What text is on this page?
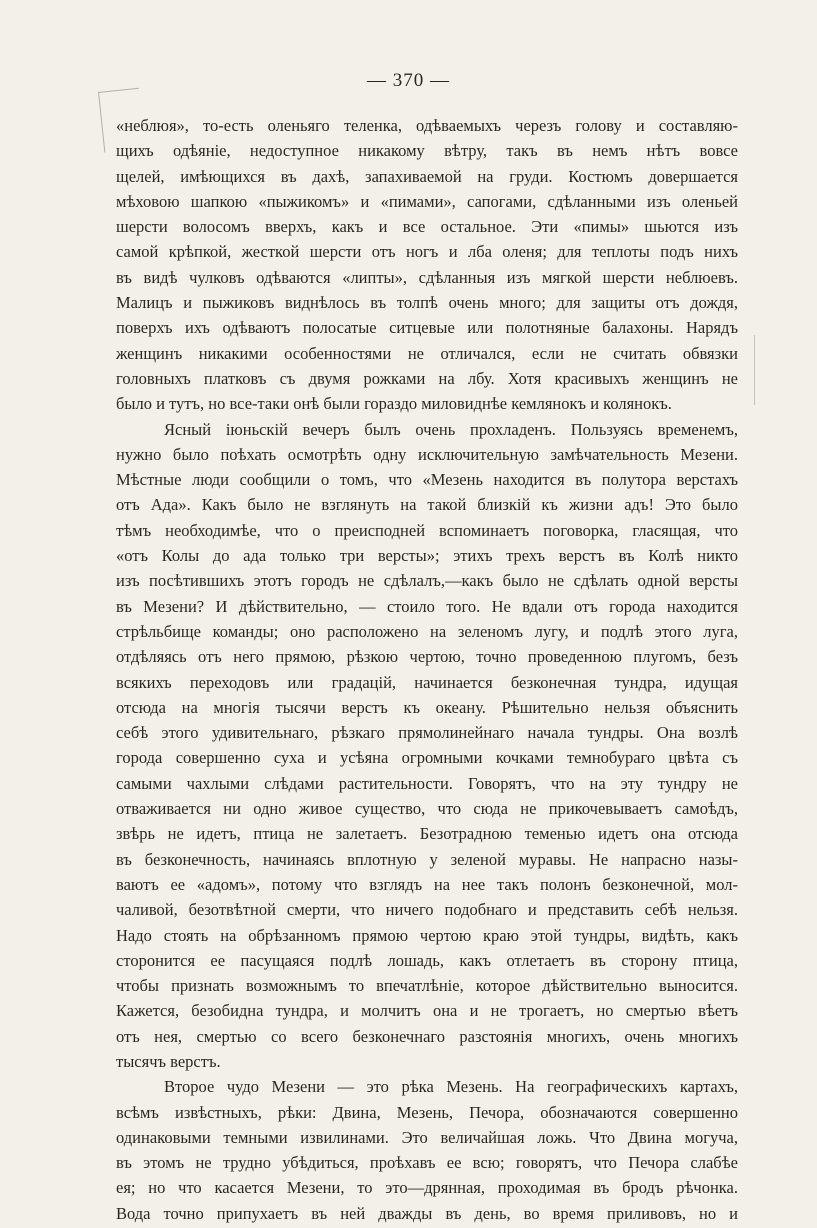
— 370 —
«неблюя», то-есть оленьяго теленка, одѣваемыхъ черезъ голову и составляю-
щихъ одѣяніе, недоступное никакому вѣтру, такъ въ немъ нѣтъ вовсе
щелей, имѣющихся въ дахѣ, запахиваемой на груди. Костюмъ довершается
мѣховою шапкою «пыжикомъ» и «пимами», сапогами, сдѣланными изъ оленьей
шерсти волосомъ вверхъ, какъ и все остальное. Эти «пимы» шьются изъ
самой крѣпкой, жесткой шерсти отъ ногъ и лба оленя; для теплоты подъ нихъ
въ видѣ чулковъ одѣваются «липты», сдѣланныя изъ мягкой шерсти неблюевъ.
Малицъ и пыжиковъ виднѣлось въ толпѣ очень много; для защиты отъ дождя,
поверхъ ихъ одѣваютъ полосатые ситцевые или полотняные балахоны. Нарядъ
женщинъ никакими особенностями не отличался, если не считать обвязки
головныхъ платковъ съ двумя рожками на лбу. Хотя красивыхъ женщинъ не
было и тутъ, но все-таки онѣ были гораздо миловиднѣе кемлянокъ и колянокъ.
Ясный іюньскій вечеръ былъ очень прохладенъ. Пользуясь временемъ,
нужно было поѣхать осмотрѣть одну исключительную замѣчательность Мезени.
Мѣстные люди сообщили о томъ, что «Мезень находится въ полутора верстахъ
отъ Ада». Какъ было не взглянуть на такой близкій къ жизни адъ! Это было
тѣмъ необходимѣе, что о преисподней вспоминаетъ поговорка, гласящая, что
«отъ Колы до ада только три версты»; этихъ трехъ верстъ въ Колѣ никто
изъ посѣтившихъ этотъ городъ не сдѣлалъ,—какъ было не сдѣлать одной версты
въ Мезени? И дѣйствительно, — стоило того. Не вдали отъ города находится
стрѣльбище команды; оно расположено на зеленомъ лугу, и подлѣ этого луга,
отдѣляясь отъ него прямою, рѣзкою чертою, точно проведенною плугомъ, безъ
всякихъ переходовъ или градацій, начинается безконечная тундра, идущая
отсюда на многія тысячи верстъ къ океану. Рѣшительно нельзя объяснить
себѣ этого удивительнаго, рѣзкаго прямолинейнаго начала тундры. Она возлѣ
города совершенно суха и усѣяна огромными кочками темнобураго цвѣта съ
самыми чахлыми слѣдами растительности. Говорятъ, что на эту тундру не
отваживается ни одно живое существо, что сюда не прикочевываетъ самоѣдъ,
звѣрь не идетъ, птица не залетаетъ. Безотрадною теменью идетъ она отсюда
въ безконечность, начинаясь вплотную у зеленой муравы. Не напрасно назы-
ваютъ ее «адомъ», потому что взглядъ на нее такъ полонъ безконечной, мол-
чаливой, безотвѣтной смерти, что ничего подобнаго и представить себѣ нельзя.
Надо стоять на обрѣзанномъ прямою чертою краю этой тундры, видѣть, какъ
сторонится ее пасущаяся подлѣ лошадь, какъ отлетаетъ въ сторону птица,
чтобы признать возможнымъ то впечатлѣніе, которое дѣйствительно выносится.
Кажется, безобидна тундра, и молчитъ она и не трогаетъ, но смертью вѣетъ
отъ нея, смертью со всего безконечнаго разстоянія многихъ, очень многихъ
тысячъ верстъ.
Второе чудо Мезени — это рѣка Мезень. На географическихъ картахъ,
всѣмъ извѣстныхъ, рѣки: Двина, Мезень, Печора, обозначаются совершенно
одинаковыми темными извилинами. Это величайшая ложь. Что Двина могуча,
въ этомъ не трудно убѣдиться, проѣхавъ ее всю; говорятъ, что Печора слабѣе
ея; но что касается Мезени, то это—дрянная, проходимая въ бродъ рѣчонка.
Вода точно припухаетъ въ ней дважды въ день, во время приливовъ, но и
